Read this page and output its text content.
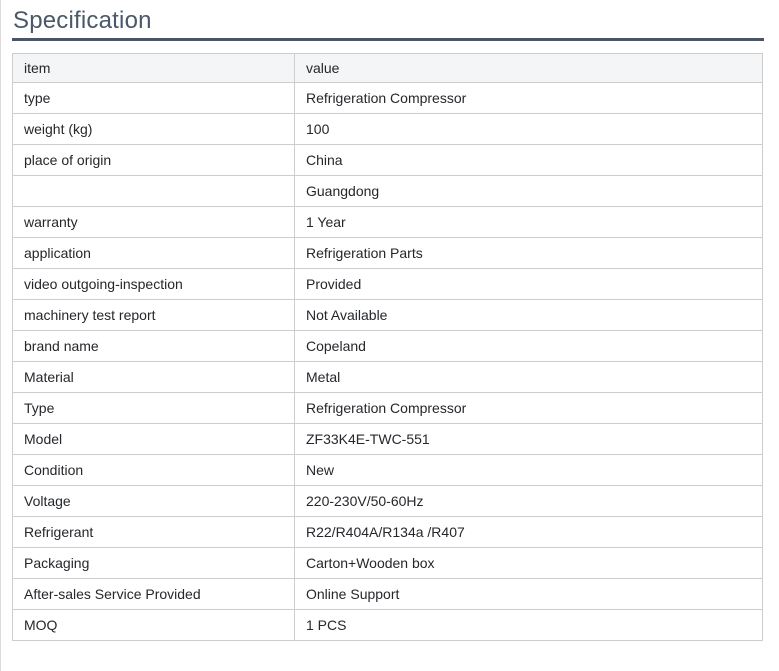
Specification
item	value
type	Refrigeration Compressor
weight (kg)	100
place of origin	China
	Guangdong
warranty	1 Year
application	Refrigeration Parts
video outgoing-inspection	Provided
machinery test report	Not Available
brand name	Copeland
Material	Metal
Type	Refrigeration Compressor
Model	ZF33K4E-TWC-551
Condition	New
Voltage	220-230V/50-60Hz
Refrigerant	R22/R404A/R134a /R407
Packaging	Carton+Wooden box
After-sales Service Provided	Online Support
MOQ	1 PCS
